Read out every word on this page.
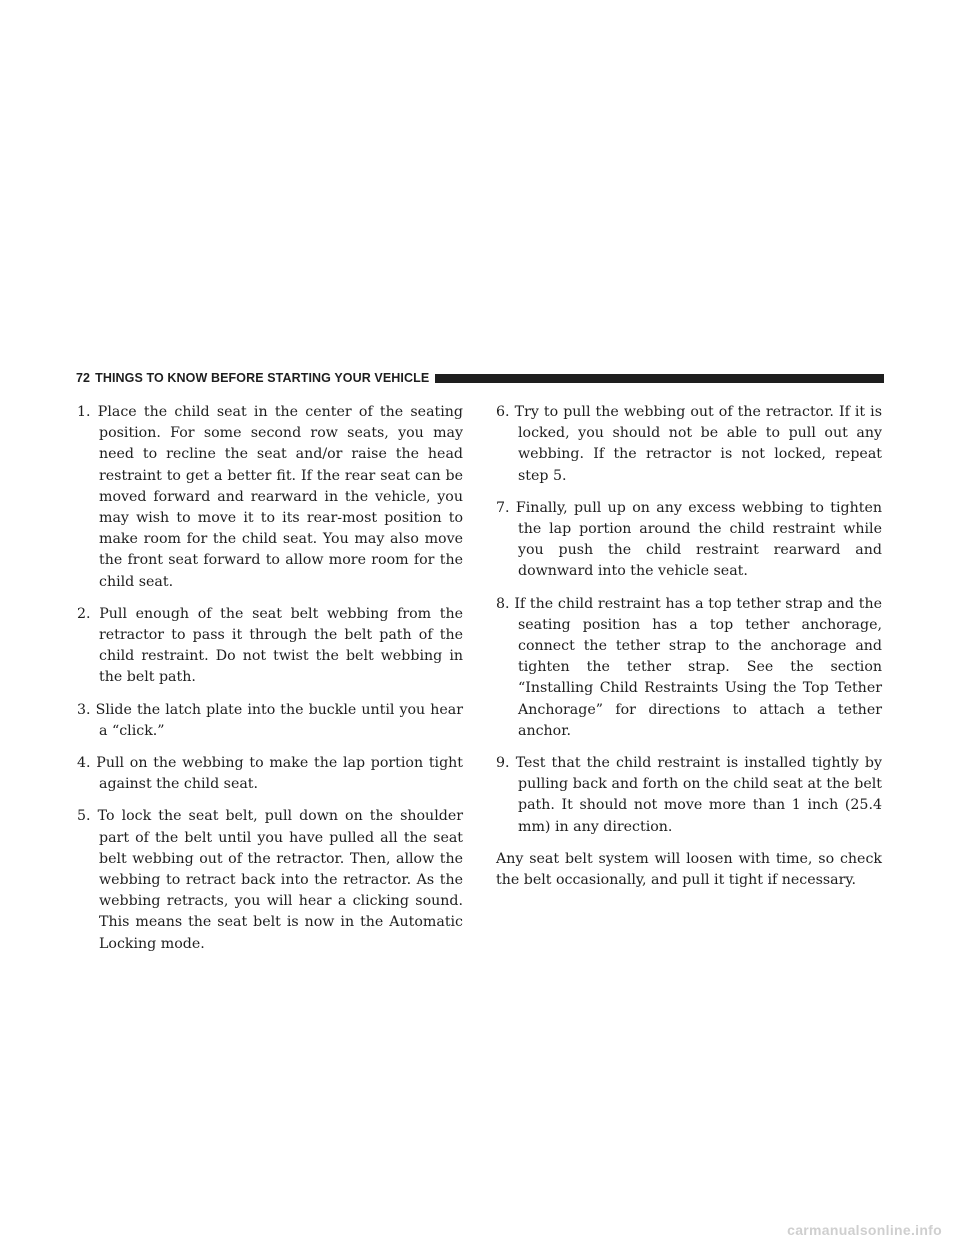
72 THINGS TO KNOW BEFORE STARTING YOUR VEHICLE

1. Place the child seat in the center of the seating position. For some second row seats, you may need to recline the seat and/or raise the head restraint to get a better fit. If the rear seat can be moved forward and rearward in the vehicle, you may wish to move it to its rear-most position to make room for the child seat. You may also move the front seat forward to allow more room for the child seat.

2. Pull enough of the seat belt webbing from the retractor to pass it through the belt path of the child restraint. Do not twist the belt webbing in the belt path.

3. Slide the latch plate into the buckle until you hear a “click.”

4. Pull on the webbing to make the lap portion tight against the child seat.

5. To lock the seat belt, pull down on the shoulder part of the belt until you have pulled all the seat belt webbing out of the retractor. Then, allow the webbing to retract back into the retractor. As the webbing retracts, you will hear a clicking sound. This means the seat belt is now in the Automatic Locking mode.

6. Try to pull the webbing out of the retractor. If it is locked, you should not be able to pull out any webbing. If the retractor is not locked, repeat step 5.

7. Finally, pull up on any excess webbing to tighten the lap portion around the child restraint while you push the child restraint rearward and downward into the vehicle seat.

8. If the child restraint has a top tether strap and the seating position has a top tether anchorage, connect the tether strap to the anchorage and tighten the tether strap. See the section “Installing Child Restraints Using the Top Tether Anchorage” for directions to attach a tether anchor.

9. Test that the child restraint is installed tightly by pulling back and forth on the child seat at the belt path. It should not move more than 1 inch (25.4 mm) in any direction.

Any seat belt system will loosen with time, so check the belt occasionally, and pull it tight if necessary.

carmanualsonline.info
